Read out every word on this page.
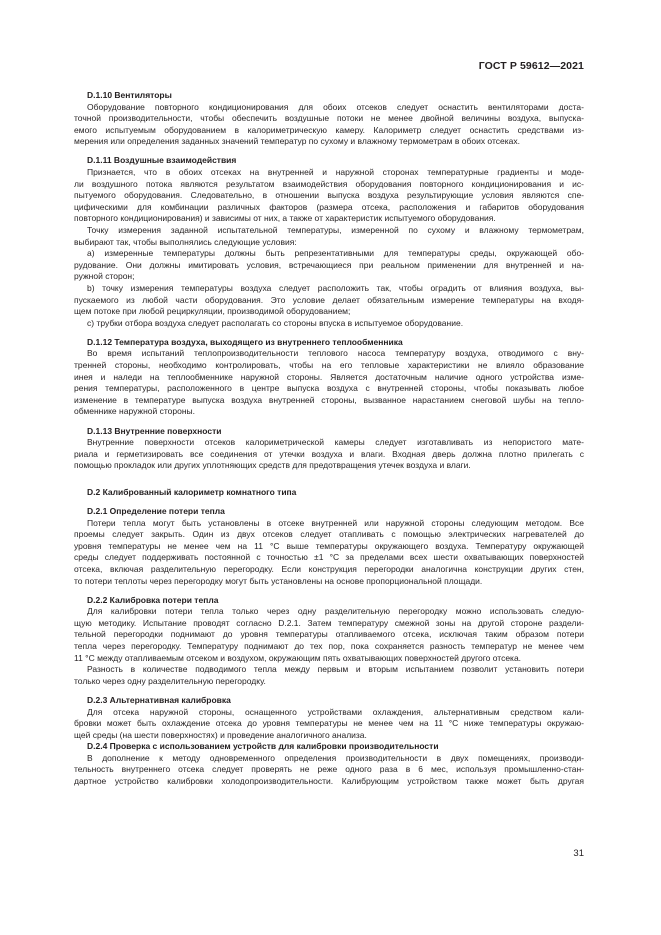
ГОСТ Р 59612—2021
D.1.10 Вентиляторы
Оборудование повторного кондиционирования для обоих отсеков следует оснастить вентиляторами доста-
точной производительности, чтобы обеспечить воздушные потоки не менее двойной величины воздуха, выпуска-
емого испытуемым оборудованием в калориметрическую камеру. Калориметр следует оснастить средствами из-
мерения или определения заданных значений температур по сухому и влажному термометрам в обоих отсеках.
D.1.11 Воздушные взаимодействия
Признается, что в обоих отсеках на внутренней и наружной сторонах температурные градиенты и моде-
ли воздушного потока являются результатом взаимодействия оборудования повторного кондиционирования и ис-
пытуемого оборудования. Следовательно, в отношении выпуска воздуха результирующие условия являются спе-
цифическими для комбинации различных факторов (размера отсека, расположения и габаритов оборудования
повторного кондиционирования) и зависимы от них, а также от характеристик испытуемого оборудования.
Точку измерения заданной испытательной температуры, измеренной по сухому и влажному термометрам,
выбирают так, чтобы выполнялись следующие условия:
а) измеренные температуры должны быть репрезентативными для температуры среды, окружающей обо-
рудование. Они должны имитировать условия, встречающиеся при реальном применении для внутренней и на-
ружной сторон;
b) точку измерения температуры воздуха следует расположить так, чтобы оградить от влияния воздуха, вы-
пускаемого из любой части оборудования. Это условие делает обязательным измерение температуры на входя-
щем потоке при любой рециркуляции, производимой оборудованием;
c) трубки отбора воздуха следует располагать со стороны впуска в испытуемое оборудование.
D.1.12 Температура воздуха, выходящего из внутреннего теплообменника
Во время испытаний теплопроизводительности теплового насоса температуру воздуха, отводимого с вну-
тренней стороны, необходимо контролировать, чтобы на его тепловые характеристики не влияло образование
инея и наледи на теплообменнике наружной стороны. Является достаточным наличие одного устройства изме-
рения температуры, расположенного в центре выпуска воздуха с внутренней стороны, чтобы показывать любое
изменение в температуре выпуска воздуха внутренней стороны, вызванное нарастанием снеговой шубы на тепло-
обменнике наружной стороны.
D.1.13 Внутренние поверхности
Внутренние поверхности отсеков калориметрической камеры следует изготавливать из непористого мате-
риала и герметизировать все соединения от утечки воздуха и влаги. Входная дверь должна плотно прилегать с
помощью прокладок или других уплотняющих средств для предотвращения утечек воздуха и влаги.
D.2 Калиброванный калориметр комнатного типа
D.2.1 Определение потери тепла
Потери тепла могут быть установлены в отсеке внутренней или наружной стороны следующим методом. Все
проемы следует закрыть. Один из двух отсеков следует отапливать с помощью электрических нагревателей до
уровня температуры не менее чем на 11 °C выше температуры окружающего воздуха. Температуру окружающей
среды следует поддерживать постоянной с точностью ±1 °C за пределами всех шести охватывающих поверхностей
отсека, включая разделительную перегородку. Если конструкция перегородки аналогична конструкции других стен,
то потери теплоты через перегородку могут быть установлены на основе пропорциональной площади.
D.2.2 Калибровка потери тепла
Для калибровки потери тепла только через одну разделительную перегородку можно использовать следую-
щую методику. Испытание проводят согласно D.2.1. Затем температуру смежной зоны на другой стороне раздели-
тельной перегородки поднимают до уровня температуры отапливаемого отсека, исключая таким образом потери
тепла через перегородку. Температуру поднимают до тех пор, пока сохраняется разность температур не менее чем
11 °C между отапливаемым отсеком и воздухом, окружающим пять охватывающих поверхностей другого отсека.
Разность в количестве подводимого тепла между первым и вторым испытанием позволит установить потери
только через одну разделительную перегородку.
D.2.3 Альтернативная калибровка
Для отсека наружной стороны, оснащенного устройствами охлаждения, альтернативным средством кали-
бровки может быть охлаждение отсека до уровня температуры не менее чем на 11 °C ниже температуры окружаю-
щей среды (на шести поверхностях) и проведение аналогичного анализа.
D.2.4 Проверка с использованием устройств для калибровки производительности
В дополнение к методу одновременного определения производительности в двух помещениях, производи-
тельность внутреннего отсека следует проверять не реже одного раза в 6 мес, используя промышленно-стан-
дартное устройство калибровки холодопроизводительности. Калибрующим устройством также может быть другая
31
